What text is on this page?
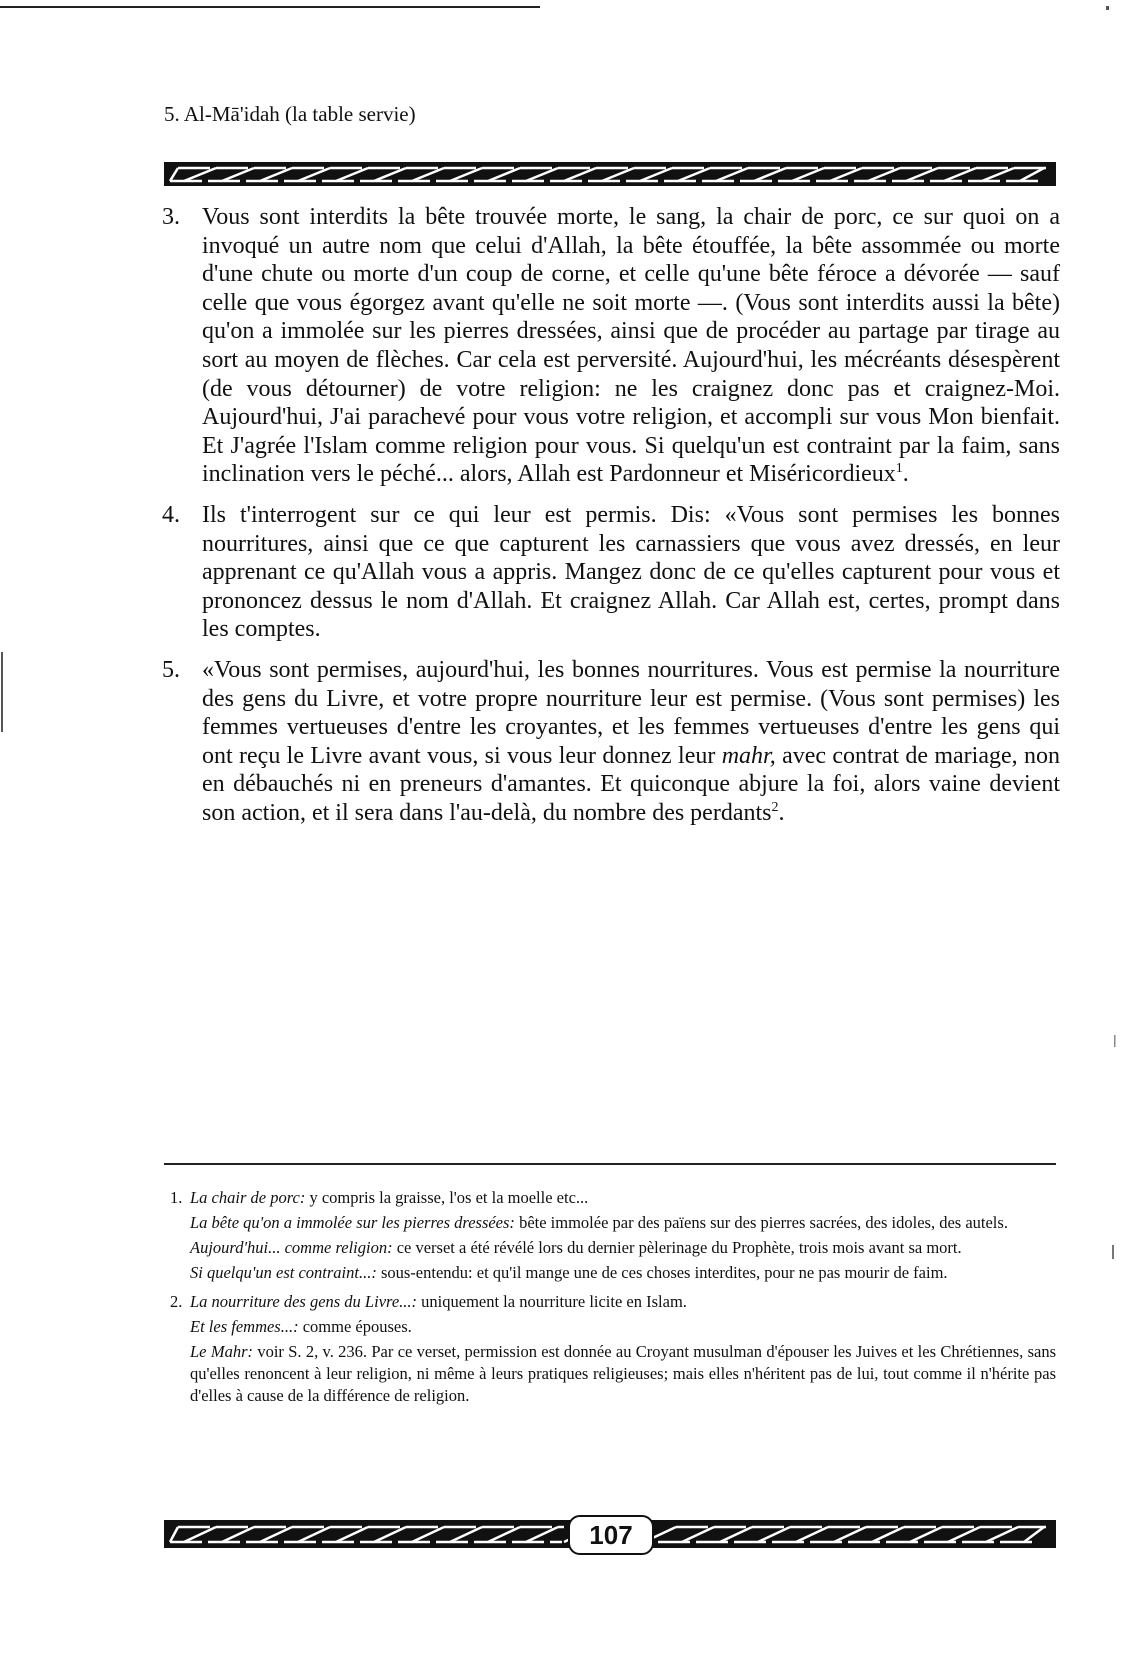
5. Al-Mā'idah (la table servie)
3. Vous sont interdits la bête trouvée morte, le sang, la chair de porc, ce sur quoi on a invoqué un autre nom que celui d'Allah, la bête étouffée, la bête assommée ou morte d'une chute ou morte d'un coup de corne, et celle qu'une bête féroce a dévorée — sauf celle que vous égorgez avant qu'elle ne soit morte —. (Vous sont interdits aussi la bête) qu'on a immolée sur les pierres dressées, ainsi que de procéder au partage par tirage au sort au moyen de flèches. Car cela est perversité. Aujourd'hui, les mécréants désespèrent (de vous détourner) de votre religion: ne les craignez donc pas et craignez-Moi. Aujourd'hui, J'ai parachevé pour vous votre religion, et accompli sur vous Mon bienfait. Et J'agrée l'Islam comme religion pour vous. Si quelqu'un est contraint par la faim, sans inclination vers le péché... alors, Allah est Pardonneur et Miséricordieux$^1$.
4. Ils t'interrogent sur ce qui leur est permis. Dis: «Vous sont permises les bonnes nourritures, ainsi que ce que capturent les carnassiers que vous avez dressés, en leur apprenant ce qu'Allah vous a appris. Mangez donc de ce qu'elles capturent pour vous et prononcez dessus le nom d'Allah. Et craignez Allah. Car Allah est, certes, prompt dans les comptes.
5. «Vous sont permises, aujourd'hui, les bonnes nourritures. Vous est permise la nourriture des gens du Livre, et votre propre nourriture leur est permise. (Vous sont permises) les femmes vertueuses d'entre les croyantes, et les femmes vertueuses d'entre les gens qui ont reçu le Livre avant vous, si vous leur donnez leur mahr, avec contrat de mariage, non en débauchés ni en preneurs d'amantes. Et quiconque abjure la foi, alors vaine devient son action, et il sera dans l'au-delà, du nombre des perdants$^2$.
1. La chair de porc: y compris la graisse, l'os et la moelle etc...

La bête qu'on a immolée sur les pierres dressées: bête immolée par des païens sur des pierres sacrées, des idoles, des autels.

Aujourd'hui... comme religion: ce verset a été révélé lors du dernier pèlerinage du Prophète, trois mois avant sa mort.

Si quelqu'un est contraint...: sous-entendu: et qu'il mange une de ces choses interdites, pour ne pas mourir de faim.

2. La nourriture des gens du Livre...: uniquement la nourriture licite en Islam.

Et les femmes...: comme épouses.

Le Mahr: voir S. 2, v. 236. Par ce verset, permission est donnée au Croyant musulman d'épouser les Juives et les Chrétiennes, sans qu'elles renoncent à leur religion, ni même à leurs pratiques religieuses; mais elles n'héritent pas de lui, tout comme il n'hérite pas d'elles à cause de la différence de religion.

107
